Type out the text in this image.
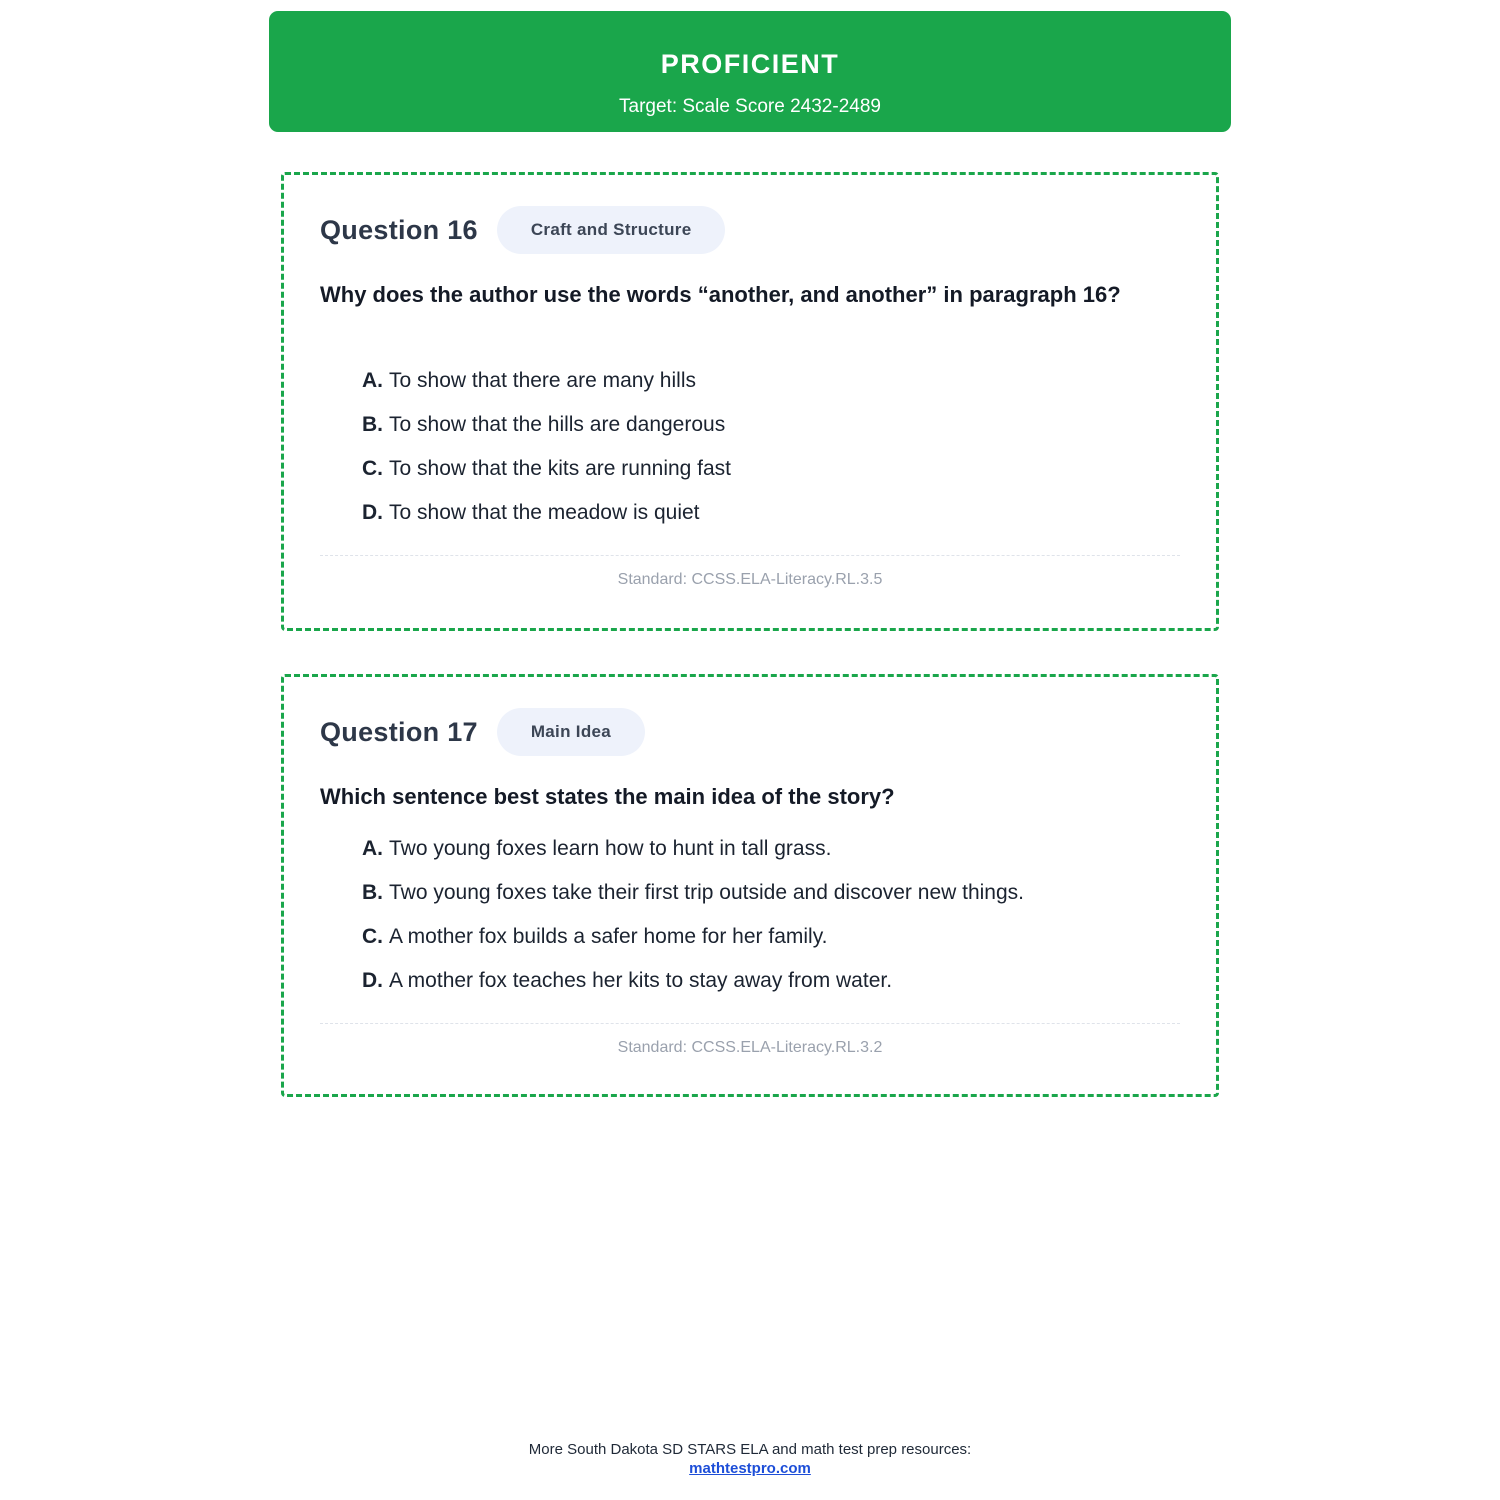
PROFICIENT
Target: Scale Score 2432-2489
Question 16	Craft and Structure
Why does the author use the words “another, and another” in paragraph 16?
A. To show that there are many hills
B. To show that the hills are dangerous
C. To show that the kits are running fast
D. To show that the meadow is quiet
Standard: CCSS.ELA-Literacy.RL.3.5
Question 17	Main Idea
Which sentence best states the main idea of the story?
A. Two young foxes learn how to hunt in tall grass.
B. Two young foxes take their first trip outside and discover new things.
C. A mother fox builds a safer home for her family.
D. A mother fox teaches her kits to stay away from water.
Standard: CCSS.ELA-Literacy.RL.3.2
More South Dakota SD STARS ELA and math test prep resources:
mathtestpro.com
